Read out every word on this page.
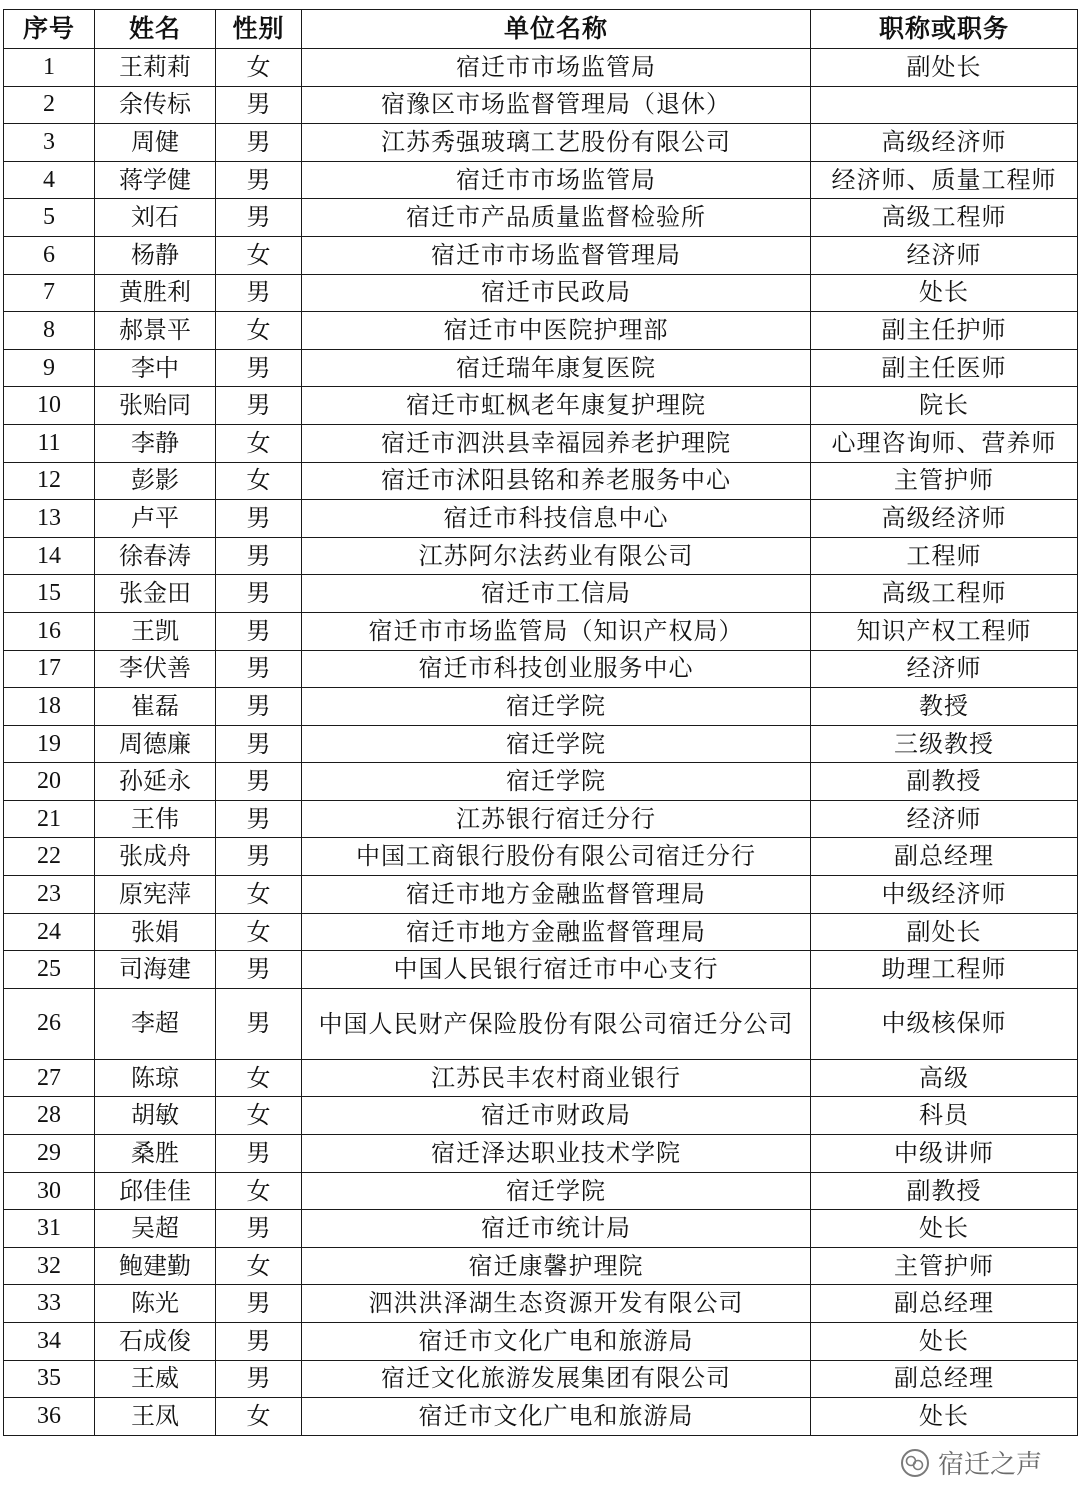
序号	姓名	性别	单位名称	职称或职务
1	王莉莉	女	宿迁市市场监管局	副处长
2	余传标	男	宿豫区市场监督管理局（退休）	
3	周健	男	江苏秀强玻璃工艺股份有限公司	高级经济师
4	蒋学健	男	宿迁市市场监管局	经济师、质量工程师
5	刘石	男	宿迁市产品质量监督检验所	高级工程师
6	杨静	女	宿迁市市场监督管理局	经济师
7	黄胜利	男	宿迁市民政局	处长
8	郝景平	女	宿迁市中医院护理部	副主任护师
9	李中	男	宿迁瑞年康复医院	副主任医师
10	张贻同	男	宿迁市虹枫老年康复护理院	院长
11	李静	女	宿迁市泗洪县幸福园养老护理院	心理咨询师、营养师
12	彭影	女	宿迁市沭阳县铭和养老服务中心	主管护师
13	卢平	男	宿迁市科技信息中心	高级经济师
14	徐春涛	男	江苏阿尔法药业有限公司	工程师
15	张金田	男	宿迁市工信局	高级工程师
16	王凯	男	宿迁市市场监管局（知识产权局）	知识产权工程师
17	李伏善	男	宿迁市科技创业服务中心	经济师
18	崔磊	男	宿迁学院	教授
19	周德廉	男	宿迁学院	三级教授
20	孙延永	男	宿迁学院	副教授
21	王伟	男	江苏银行宿迁分行	经济师
22	张成舟	男	中国工商银行股份有限公司宿迁分行	副总经理
23	原宪萍	女	宿迁市地方金融监督管理局	中级经济师
24	张娟	女	宿迁市地方金融监督管理局	副处长
25	司海建	男	中国人民银行宿迁市中心支行	助理工程师
26	李超	男	中国人民财产保险股份有限公司宿迁分公司	中级核保师
27	陈琼	女	江苏民丰农村商业银行	高级
28	胡敏	女	宿迁市财政局	科员
29	桑胜	男	宿迁泽达职业技术学院	中级讲师
30	邱佳佳	女	宿迁学院	副教授
31	吴超	男	宿迁市统计局	处长
32	鲍建勤	女	宿迁康馨护理院	主管护师
33	陈光	男	泗洪洪泽湖生态资源开发有限公司	副总经理
34	石成俊	男	宿迁市文化广电和旅游局	处长
35	王威	男	宿迁文化旅游发展集团有限公司	副总经理
36	王凤	女	宿迁市文化广电和旅游局	处长
宿迁之声
